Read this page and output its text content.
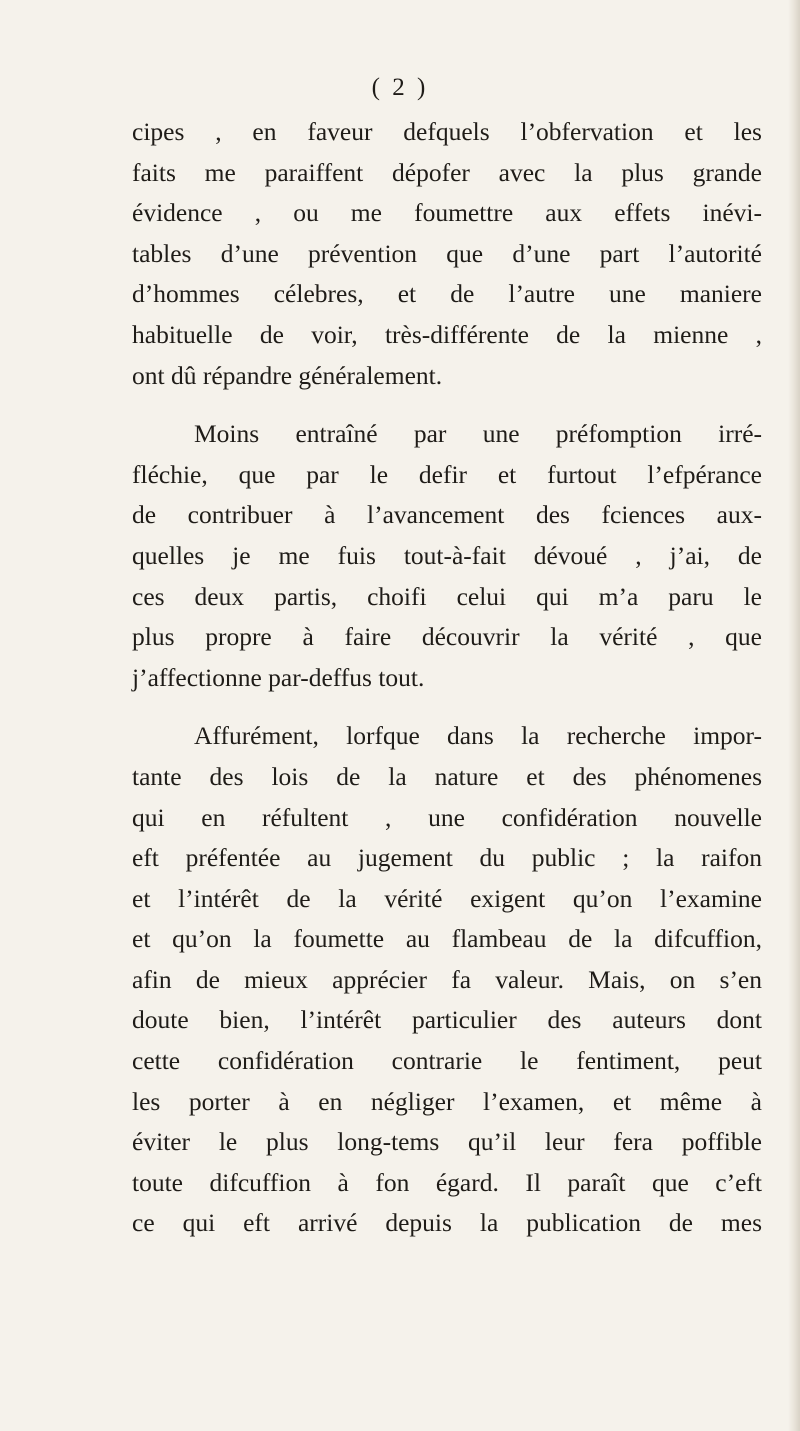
( 2 )
cipes , en faveur defquels l’obfervation et les
faits me paraiffent dépofer avec la plus grande
évidence , ou me foumettre aux effets inévi-
tables d’une prévention que d’une part l’autorité
d’hommes célebres, et de l’autre une maniere
habituelle de voir, très-différente de la mienne ,
ont dû répandre généralement.
Moins entraîné par une préfomption irré-
fléchie, que par le defir et furtout l’efpérance
de contribuer à l’avancement des fciences aux-
quelles je me fuis tout-à-fait dévoué , j’ai, de
ces deux partis, choifi celui qui m’a paru le
plus propre à faire découvrir la vérité , que
j’affectionne par-deffus tout.
Affurément, lorfque dans la recherche impor-
tante des lois de la nature et des phénomenes
qui en réfultent , une confidération nouvelle
eft préfentée au jugement du public ; la raifon
et l’intérêt de la vérité exigent qu’on l’examine
et qu’on la foumette au flambeau de la difcuffion,
afin de mieux apprécier fa valeur. Mais, on s’en
doute bien, l’intérêt particulier des auteurs dont
cette confidération contrarie le fentiment, peut
les porter à en négliger l’examen, et même à
éviter le plus long-tems qu’il leur fera poffible
toute difcuffion à fon égard. Il paraît que c’eft
ce qui eft arrivé depuis la publication de mes
